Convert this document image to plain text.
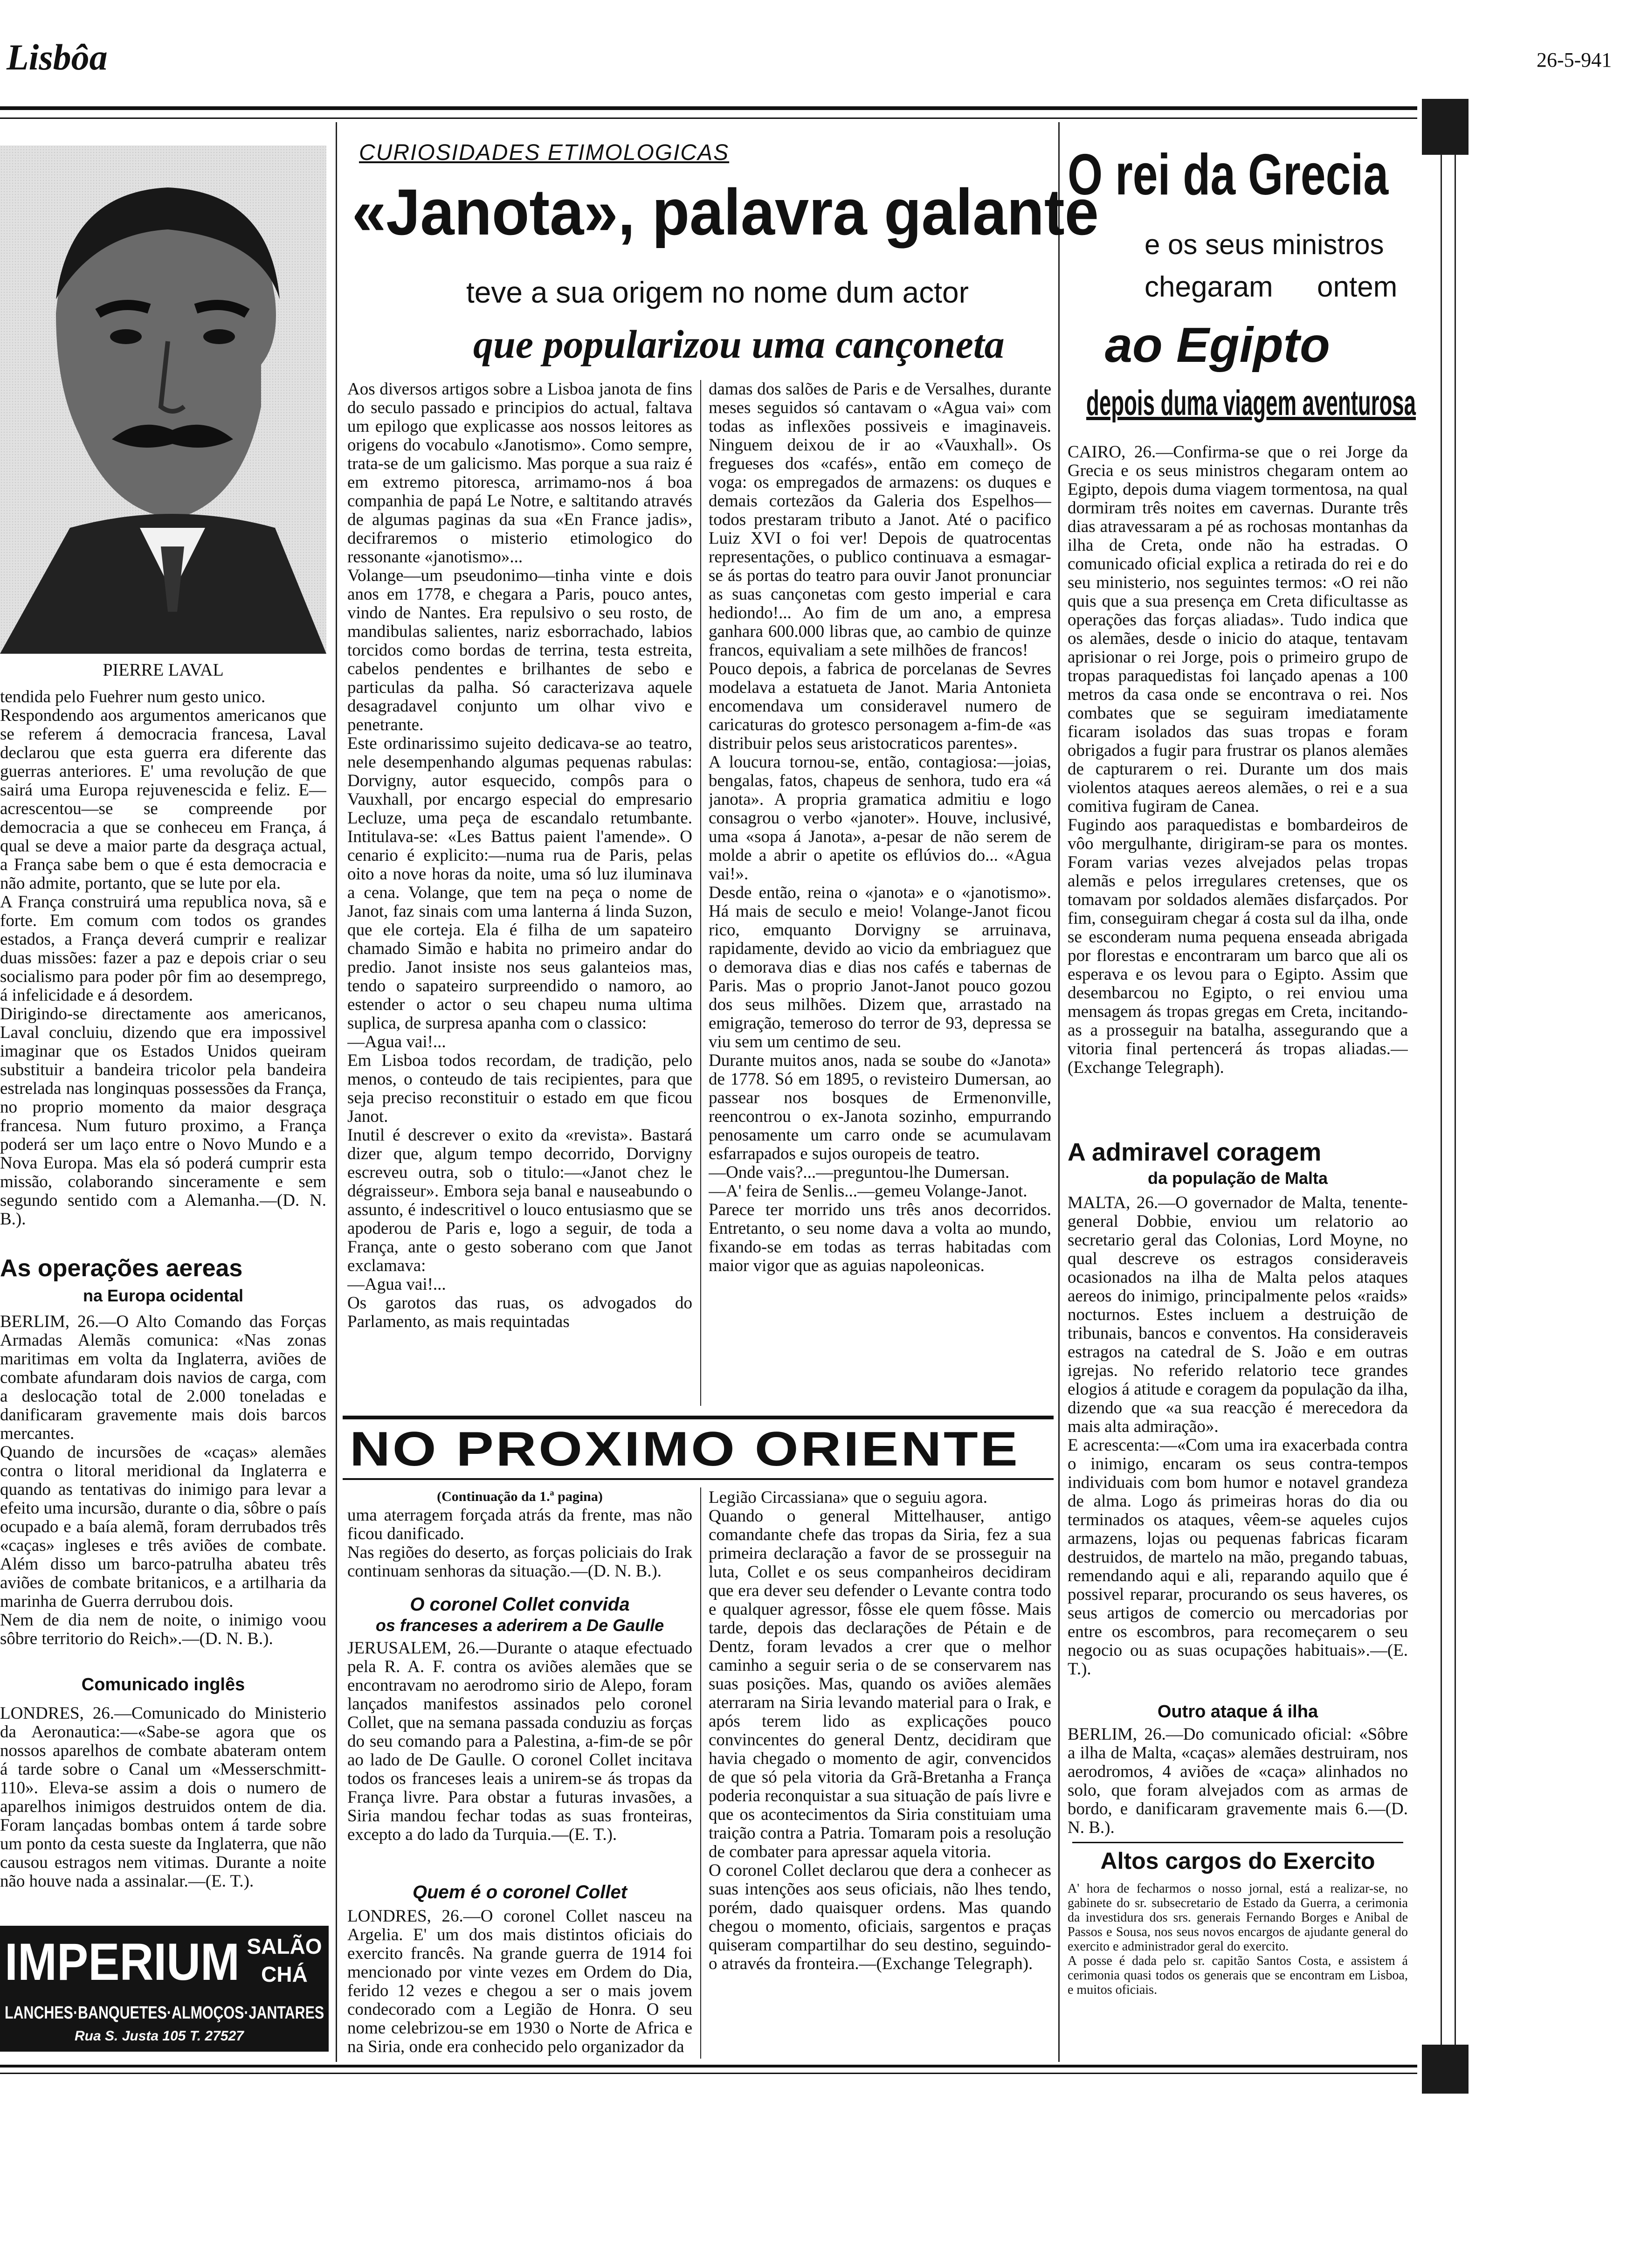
Lisbôa	26-5-941
PIERRE LAVAL
tendida pelo Fuehrer num gesto unico.
Respondendo aos argumentos americanos que se referem á democracia francesa, Laval declarou que esta guerra era diferente das guerras anteriores. E' uma revolução de que sairá uma Europa rejuvenescida e feliz. E—acrescentou—se se compreende por democracia a que se conheceu em França, á qual se deve a maior parte da desgraça actual, a França sabe bem o que é esta democracia e não admite, portanto, que se lute por ela.
A França construirá uma republica nova, sã e forte. Em comum com todos os grandes estados, a França deverá cumprir e realizar duas missões: fazer a paz e depois criar o seu socialismo para poder pôr fim ao desemprego, á infelicidade e á desordem.
Dirigindo-se directamente aos americanos, Laval concluiu, dizendo que era impossivel imaginar que os Estados Unidos queiram substituir a bandeira tricolor pela bandeira estrelada nas longinquas possessões da França, no proprio momento da maior desgraça francesa. Num futuro proximo, a França poderá ser um laço entre o Novo Mundo e a Nova Europa. Mas ela só poderá cumprir esta missão, colaborando sinceramente e sem segundo sentido com a Alemanha.—(D. N. B.).
As operações aereas
na Europa ocidental
BERLIM, 26.—O Alto Comando das Forças Armadas Alemãs comunica: «Nas zonas maritimas em volta da Inglaterra, aviões de combate afundaram dois navios de carga, com a deslocação total de 2.000 toneladas e danificaram gravemente mais dois barcos mercantes.
Quando de incursões de «caças» alemães contra o litoral meridional da Inglaterra e quando as tentativas do inimigo para levar a efeito uma incursão, durante o dia, sôbre o país ocupado e a baía alemã, foram derrubados três «caças» ingleses e três aviões de combate. Além disso um barco-patrulha abateu três aviões de combate britanicos, e a artilharia da marinha de Guerra derrubou dois.
Nem de dia nem de noite, o inimigo voou sôbre territorio do Reich».—(D. N. B.).
Comunicado inglês
LONDRES, 26.—Comunicado do Ministerio da Aeronautica:—«Sabe-se agora que os nossos aparelhos de combate abateram ontem á tarde sobre o Canal um «Messerschmitt-110». Eleva-se assim a dois o numero de aparelhos inimigos destruidos ontem de dia. Foram lançadas bombas ontem á tarde sobre um ponto da cesta sueste da Inglaterra, que não causou estragos nem vitimas. Durante a noite não houve nada a assinalar.—(E. T.).
IMPERIUM SALÃO
CHÁ
LANCHES·BANQUETES·ALMOÇOS·JANTARES
Rua S. Justa 105 T. 27527
CURIOSIDADES ETIMOLOGICAS
«Janota», palavra galante
teve a sua origem no nome dum actor
que popularizou uma cançoneta
Aos diversos artigos sobre a Lisboa janota de fins do seculo passado e principios do actual, faltava um epilogo que explicasse aos nossos leitores as origens do vocabulo «Janotismo». Como sempre, trata-se de um galicismo. Mas porque a sua raiz é em extremo pitoresca, arrimamo-nos á boa companhia de papá Le Notre, e saltitando através de algumas paginas da sua «En France jadis», decifraremos o misterio etimologico do ressonante «janotismo»...
Volange—um pseudonimo—tinha vinte e dois anos em 1778, e chegara a Paris, pouco antes, vindo de Nantes. Era repulsivo o seu rosto, de mandibulas salientes, nariz esborrachado, labios torcidos como bordas de terrina, testa estreita, cabelos pendentes e brilhantes de sebo e particulas da palha. Só caracterizava aquele desagradavel conjunto um olhar vivo e penetrante.
Este ordinarissimo sujeito dedicava-se ao teatro, nele desempenhando algumas pequenas rabulas: Dorvigny, autor esquecido, compôs para o Vauxhall, por encargo especial do empresario Lecluze, uma peça de escandalo retumbante. Intitulava-se: «Les Battus paient l'amende». O cenario é explicito:—numa rua de Paris, pelas oito a nove horas da noite, uma só luz iluminava a cena. Volange, que tem na peça o nome de Janot, faz sinais com uma lanterna á linda Suzon, que ele corteja. Ela é filha de um sapateiro chamado Simão e habita no primeiro andar do predio. Janot insiste nos seus galanteios mas, tendo o sapateiro surpreendido o namoro, ao estender o actor o seu chapeu numa ultima suplica, de surpresa apanha com o classico:
—Agua vai!...
Em Lisboa todos recordam, de tradição, pelo menos, o conteudo de tais recipientes, para que seja preciso reconstituir o estado em que ficou Janot.
Inutil é descrever o exito da «revista». Bastará dizer que, algum tempo decorrido, Dorvigny escreveu outra, sob o titulo:—«Janot chez le dégraisseur». Embora seja banal e nauseabundo o assunto, é indescritivel o louco entusiasmo que se apoderou de Paris e, logo a seguir, de toda a França, ante o gesto soberano com que Janot exclamava:
—Agua vai!...
Os garotos das ruas, os advogados do Parlamento, as mais requintadas
damas dos salões de Paris e de Versalhes, durante meses seguidos só cantavam o «Agua vai» com todas as inflexões possiveis e imaginaveis. Ninguem deixou de ir ao «Vauxhall». Os fregueses dos «cafés», então em começo de voga: os empregados de armazens: os duques e demais cortezãos da Galeria dos Espelhos—todos prestaram tributo a Janot. Até o pacifico Luiz XVI o foi ver! Depois de quatrocentas representações, o publico continuava a esmagar-se ás portas do teatro para ouvir Janot pronunciar as suas cançonetas com gesto imperial e cara hediondo!... Ao fim de um ano, a empresa ganhara 600.000 libras que, ao cambio de quinze francos, equivaliam a sete milhões de francos!
Pouco depois, a fabrica de porcelanas de Sevres modelava a estatueta de Janot. Maria Antonieta encomendava um consideravel numero de caricaturas do grotesco personagem a-fim-de «as distribuir pelos seus aristocraticos parentes».
A loucura tornou-se, então, contagiosa:—joias, bengalas, fatos, chapeus de senhora, tudo era «á janota». A propria gramatica admitiu e logo consagrou o verbo «janoter». Houve, inclusivé, uma «sopa á Janota», a-pesar de não serem de molde a abrir o apetite os eflúvios do... «Agua vai!».
Desde então, reina o «janota» e o «janotismo». Há mais de seculo e meio! Volange-Janot ficou rico, emquanto Dorvigny se arruinava, rapidamente, devido ao vicio da embriaguez que o demorava dias e dias nos cafés e tabernas de Paris. Mas o proprio Janot-Janot pouco gozou dos seus milhões. Dizem que, arrastado na emigração, temeroso do terror de 93, depressa se viu sem um centimo de seu.
Durante muitos anos, nada se soube do «Janota» de 1778. Só em 1895, o revisteiro Dumersan, ao passear nos bosques de Ermenonville, reencontrou o ex-Janota sozinho, empurrando penosamente um carro onde se acumulavam esfarrapados e sujos ouropeis de teatro.
—Onde vais?...—preguntou-lhe Dumersan.
—A' feira de Senlis...—gemeu Volange-Janot.
Parece ter morrido uns três anos decorridos. Entretanto, o seu nome dava a volta ao mundo, fixando-se em todas as terras habitadas com maior vigor que as aguias napoleonicas.
NO PROXIMO ORIENTE
(Continuação da 1.ª pagina)
uma aterragem forçada atrás da frente, mas não ficou danificado.
Nas regiões do deserto, as forças policiais do Irak continuam senhoras da situação.—(D. N. B.).
O coronel Collet convida
os franceses a aderirem a De Gaulle
JERUSALEM, 26.—Durante o ataque efectuado pela R. A. F. contra os aviões alemães que se encontravam no aerodromo sirio de Alepo, foram lançados manifestos assinados pelo coronel Collet, que na semana passada conduziu as forças do seu comando para a Palestina, a-fim-de se pôr ao lado de De Gaulle. O coronel Collet incitava todos os franceses leais a unirem-se ás tropas da França livre. Para obstar a futuras invasões, a Siria mandou fechar todas as suas fronteiras, excepto a do lado da Turquia.—(E. T.).
Quem é o coronel Collet
LONDRES, 26.—O coronel Collet nasceu na Argelia. E' um dos mais distintos oficiais do exercito francês. Na grande guerra de 1914 foi mencionado por vinte vezes em Ordem do Dia, ferido 12 vezes e chegou a ser o mais jovem condecorado com a Legião de Honra. O seu nome celebrizou-se em 1930 o Norte de Africa e na Siria, onde era conhecido pelo organizador da
Legião Circassiana» que o seguiu agora.
Quando o general Mittelhauser, antigo comandante chefe das tropas da Siria, fez a sua primeira declaração a favor de se prosseguir na luta, Collet e os seus companheiros decidiram que era dever seu defender o Levante contra todo e qualquer agressor, fôsse ele quem fôsse. Mais tarde, depois das declarações de Pétain e de Dentz, foram levados a crer que o melhor caminho a seguir seria o de se conservarem nas suas posições. Mas, quando os aviões alemães aterraram na Siria levando material para o Irak, e após terem lido as explicações pouco convincentes do general Dentz, decidiram que havia chegado o momento de agir, convencidos de que só pela vitoria da Grã-Bretanha a França poderia reconquistar a sua situação de país livre e que os acontecimentos da Siria constituiam uma traição contra a Patria. Tomaram pois a resolução de combater para apressar aquela vitoria.
O coronel Collet declarou que dera a conhecer as suas intenções aos seus oficiais, não lhes tendo, porém, dado quaisquer ordens. Mas quando chegou o momento, oficiais, sargentos e praças quiseram compartilhar do seu destino, seguindo-o através da fronteira.—(Exchange Telegraph).
O rei da Grecia
e os seus ministros
chegaram ontem
ao Egipto
depois duma viagem aventurosa
CAIRO, 26.—Confirma-se que o rei Jorge da Grecia e os seus ministros chegaram ontem ao Egipto, depois duma viagem tormentosa, na qual dormiram três noites em cavernas. Durante três dias atravessaram a pé as rochosas montanhas da ilha de Creta, onde não ha estradas. O comunicado oficial explica a retirada do rei e do seu ministerio, nos seguintes termos: «O rei não quis que a sua presença em Creta dificultasse as operações das forças aliadas». Tudo indica que os alemães, desde o inicio do ataque, tentavam aprisionar o rei Jorge, pois o primeiro grupo de tropas paraquedistas foi lançado apenas a 100 metros da casa onde se encontrava o rei. Nos combates que se seguiram imediatamente ficaram isolados das suas tropas e foram obrigados a fugir para frustrar os planos alemães de capturarem o rei. Durante um dos mais violentos ataques aereos alemães, o rei e a sua comitiva fugiram de Canea.
Fugindo aos paraquedistas e bombardeiros de vôo mergulhante, dirigiram-se para os montes. Foram varias vezes alvejados pelas tropas alemãs e pelos irregulares cretenses, que os tomavam por soldados alemães disfarçados. Por fim, conseguiram chegar á costa sul da ilha, onde se esconderam numa pequena enseada abrigada por florestas e encontraram um barco que ali os esperava e os levou para o Egipto. Assim que desembarcou no Egipto, o rei enviou uma mensagem ás tropas gregas em Creta, incitando-as a prosseguir na batalha, assegurando que a vitoria final pertencerá ás tropas aliadas.—(Exchange Telegraph).
A admiravel coragem
da população de Malta
MALTA, 26.—O governador de Malta, tenente-general Dobbie, enviou um relatorio ao secretario geral das Colonias, Lord Moyne, no qual descreve os estragos consideraveis ocasionados na ilha de Malta pelos ataques aereos do inimigo, principalmente pelos «raids» nocturnos. Estes incluem a destruição de tribunais, bancos e conventos. Ha consideraveis estragos na catedral de S. João e em outras igrejas. No referido relatorio tece grandes elogios á atitude e coragem da população da ilha, dizendo que «a sua reacção é merecedora da mais alta admiração».
E acrescenta:—«Com uma ira exacerbada contra o inimigo, encaram os seus contra-tempos individuais com bom humor e notavel grandeza de alma. Logo ás primeiras horas do dia ou terminados os ataques, vêem-se aqueles cujos armazens, lojas ou pequenas fabricas ficaram destruidos, de martelo na mão, pregando tabuas, remendando aqui e ali, reparando aquilo que é possivel reparar, procurando os seus haveres, os seus artigos de comercio ou mercadorias por entre os escombros, para recomeçarem o seu negocio ou as suas ocupações habituais».—(E. T.).
Outro ataque á ilha
BERLIM, 26.—Do comunicado oficial: «Sôbre a ilha de Malta, «caças» alemães destruiram, nos aerodromos, 4 aviões de «caça» alinhados no solo, que foram alvejados com as armas de bordo, e danificaram gravemente mais 6.—(D. N. B.).
Altos cargos do Exercito
A' hora de fecharmos o nosso jornal, está a realizar-se, no gabinete do sr. subsecretario de Estado da Guerra, a cerimonia da investidura dos srs. generais Fernando Borges e Anibal de Passos e Sousa, nos seus novos encargos de ajudante general do exercito e administrador geral do exercito.
A posse é dada pelo sr. capitão Santos Costa, e assistem á cerimonia quasi todos os generais que se encontram em Lisboa, e muitos oficiais.
